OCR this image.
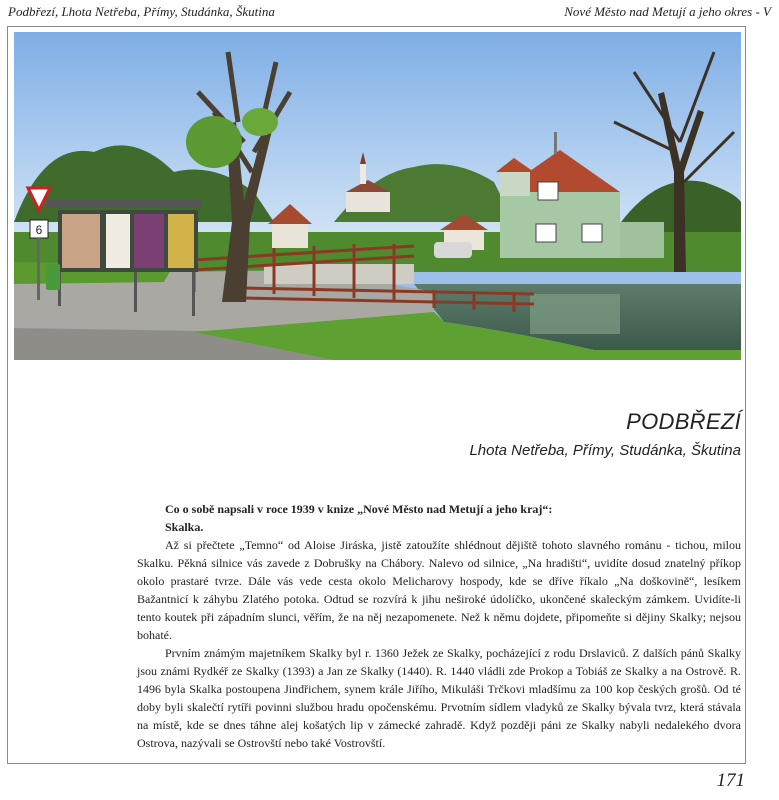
Podbřezí, Lhota Netřeba, Přímy, Studánka, Škutina	Nové Město nad Metují a jeho okres - V
6
PODBŘEZÍ
Lhota Netřeba, Přímy, Studánka, Škutina

Co o sobě napsali v roce 1939 v knize „Nové Město nad Metují a jeho kraj“:

Skalka.

Až si přečtete „Temno“ od Aloise Jiráska, jistě zatoužíte shlédnout dějiště tohoto slavného románu - tichou, milou Skalku. Pěkná silnice vás zavede z Dobrušky na Chábory. Nalevo od silnice, „Na hradišti“, uvidíte dosud znatelný příkop okolo prastaré tvrze. Dále vás vede cesta okolo Melicharovy hospody, kde se dříve říkalo „Na doškovině“, lesíkem Bažantnicí k záhybu Zlatého potoka. Odtud se rozvírá k jihu neširoké údolíčko, ukončené skaleckým zámkem. Uvidíte-li tento koutek při západním slunci, věřím, že na něj nezapomenete. Než k němu dojdete, připomeňte si dějiny Skalky; nejsou bohaté.

Prvním známým majetníkem Skalky byl r. 1360 Ježek ze Skalky, pocházející z rodu Drslaviců. Z dalších pánů Skalky jsou známi Rydkéř ze Skalky (1393) a Jan ze Skalky (1440). R. 1440 vládli zde Prokop a Tobiáš ze Skalky a na Ostrově. R. 1496 byla Skalka postoupena Jindřichem, synem krále Jiřího, Mikuláši Trčkovi mladšímu za 100 kop českých grošů. Od té doby byli skalečtí rytíři povinni službou hradu opočenskému. Prvotním sídlem vladyků ze Skalky bývala tvrz, která stávala na místě, kde se dnes táhne alej košatých lip v zámecké zahradě. Když později páni ze Skalky nabyli nedalekého dvora Ostrova, nazývali se Ostrovští nebo také Vostrovští.

171
